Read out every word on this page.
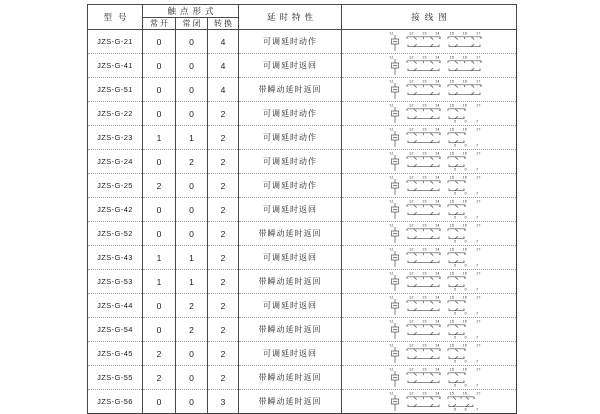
型号	触点形式			延时特性	接线图
	常开	常闭	转换		
JZS-G-21	0	0	4	可调延时动作	
11	12 13 14	15 16 17

JZS-G-41	0	0	4	可调延时返回	
11	12 13 14	15 16 17

JZS-G-51	0	0	4	带瞬动延时返回	
11	12 13 14	15 16 17

JZS-G-22	0	0	2	可调延时动作	
11	12 13 14	15 16 17
5 6 7

JZS-G-23	1	1	2	可调延时动作	
11	12 13 14	15 16 17
5 6 7

JZS-G-24	0	2	2	可调延时动作	
11	12 13 14	15 16 17
5 6 7

JZS-G-25	2	0	2	可调延时动作	
11	12 13 14	15 16 17
5 6 7

JZS-G-42	0	0	2	可调延时返回	
11	12 13 14	15 16 17
5 6 7

JZS-G-52	0	0	2	带瞬动延时返回	
11	12 13 14	15 16 17
5 6 7

JZS-G-43	1	1	2	可调延时返回	
11	12 13 14	15 16 17
5 6 7

JZS-G-53	1	1	2	带瞬动延时返回	
11	12 13 14	15 16 17
5 6 7

JZS-G-44	0	2	2	可调延时返回	
11	12 13 14	15 16 17
5 6 7

JZS-G-54	0	2	2	带瞬动延时返回	
11	12 13 14	15 16 17
5 6 7

JZS-G-45	2	0	2	可调延时返回	
11	12 13 14	15 16 17
5 6 7

JZS-G-55	2	0	2	带瞬动延时返回	
11	12 13 14	15 16 17
5 6 7

JZS-G-56	0	0	3	带瞬动延时返回	
11	12 13 14	15 16 17
5 6 7
